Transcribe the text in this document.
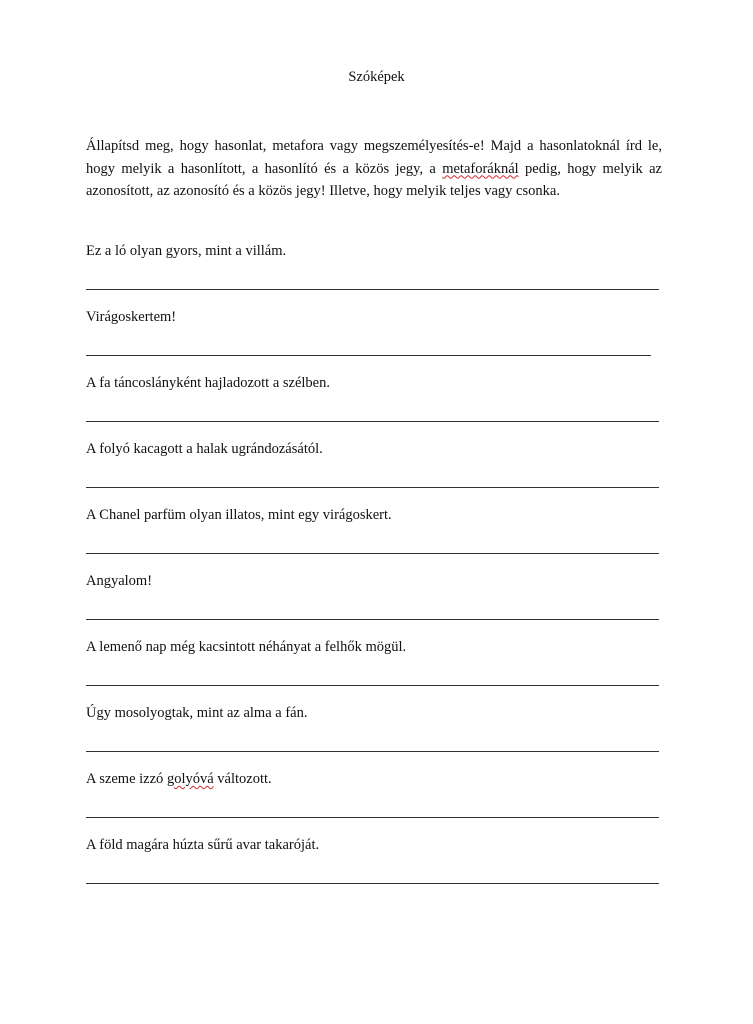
Szóképek
Állapítsd meg, hogy hasonlat, metafora vagy megszemélyesítés-e! Majd a hasonlatoknál írd le, hogy melyik a hasonlított, a hasonlító és a közös jegy, a metaforáknál pedig, hogy melyik az azonosított, az azonosító és a közös jegy! Illetve, hogy melyik teljes vagy csonka.
Ez a ló olyan gyors, mint a villám.
Virágoskertem!
A fa táncoslányként hajladozott a szélben.
A folyó kacagott a halak ugrándozásától.
A Chanel parfüm olyan illatos, mint egy virágoskert.
Angyalom!
A lemenő nap még kacsintott néhányat a felhők mögül.
Úgy mosolyogtak, mint az alma a fán.
A szeme izzó golyóvá változott.
A föld magára húzta sűrű avar takaróját.
